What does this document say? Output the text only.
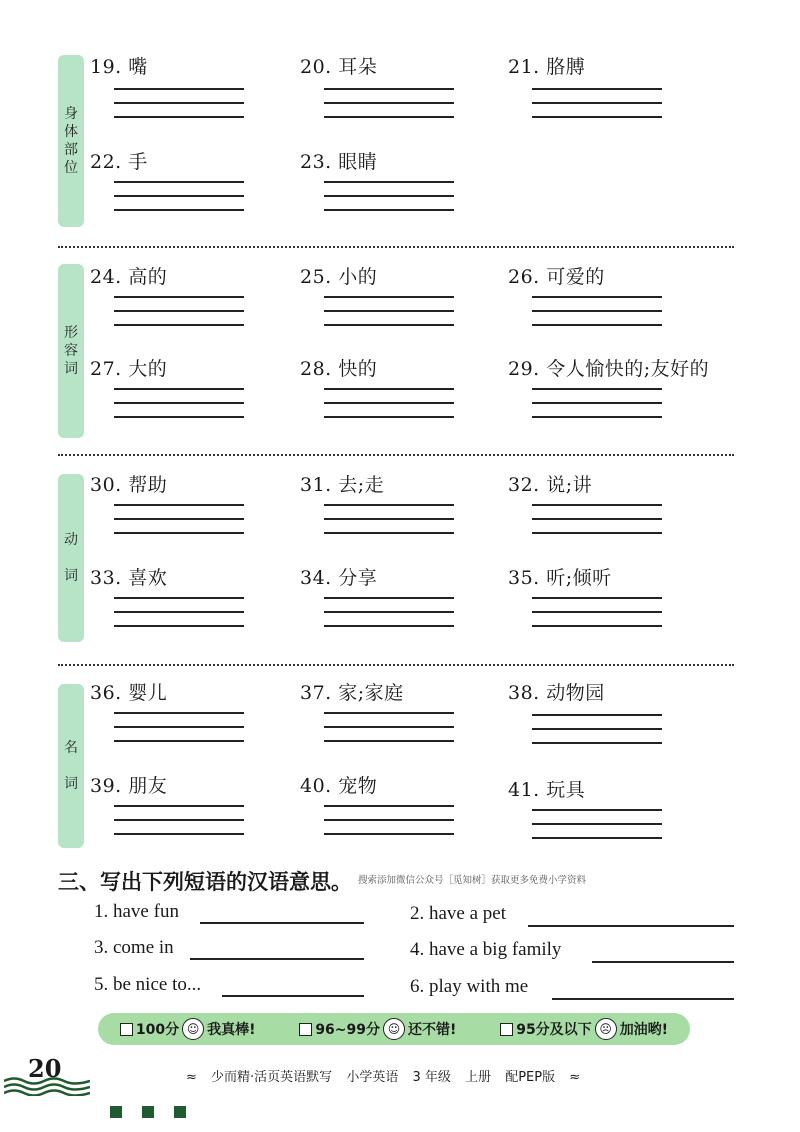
身
体
部
位
19. 嘴	20. 耳朵	21. 胳膊
22. 手	23. 眼睛
形
容
词
24. 高的	25. 小的	26. 可爱的
27. 大的	28. 快的	29. 令人愉快的;友好的
动
词
30. 帮助	31. 去;走	32. 说;讲
33. 喜欢	34. 分享	35. 听;倾听
名
词
36. 婴儿	37. 家;家庭	38. 动物园
39. 朋友	40. 宠物	41. 玩具
三、写出下列短语的汉语意思。 搜索添加微信公众号［觅知树］获取更多免费小学资料
1. have fun	2. have a pet
3. come in	4. have a big family
5. be nice to...	6. play with me
100分 ☺ 我真棒!	96~99分 ☺ 还不错!	95分及以下 ☹ 加油哟!
20	≈ 少而精·活页英语默写 小学英语 3 年级 上册 配PEP版 ≈
